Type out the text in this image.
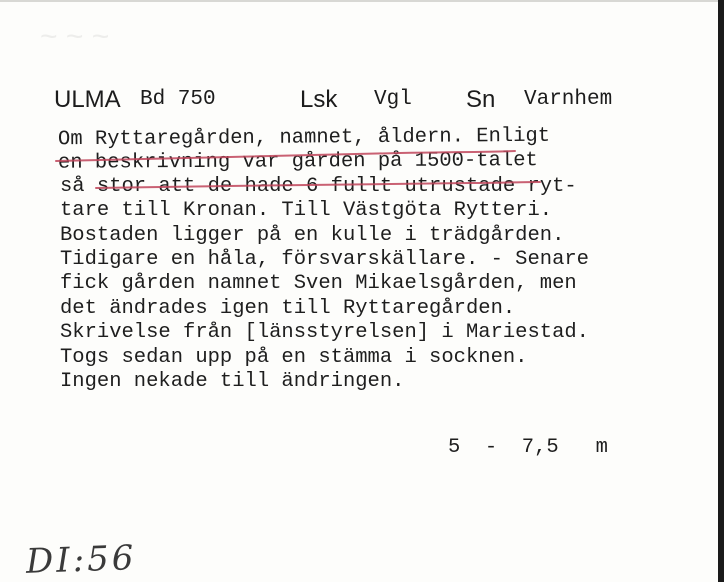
~ ~ ~
ULMA Bd 750	Lsk Vgl Sn Varnhem
Om Ryttaregården, namnet, åldern. Enligt
en beskrivning var gården på 1500-talet
så stor att de hade 6 fullt utrustade ryt-
tare till Kronan. Till Västgöta Rytteri.
Bostaden ligger på en kulle i trädgården.
Tidigare en håla, försvarskällare. - Senare
fick gården namnet Sven Mikaelsgården, men
det ändrades igen till Ryttaregården.
Skrivelse från [länsstyrelsen] i Mariestad.
Togs sedan upp på en stämma i socknen.
Ingen nekade till ändringen.
5  -  7,5   m
DI:56
